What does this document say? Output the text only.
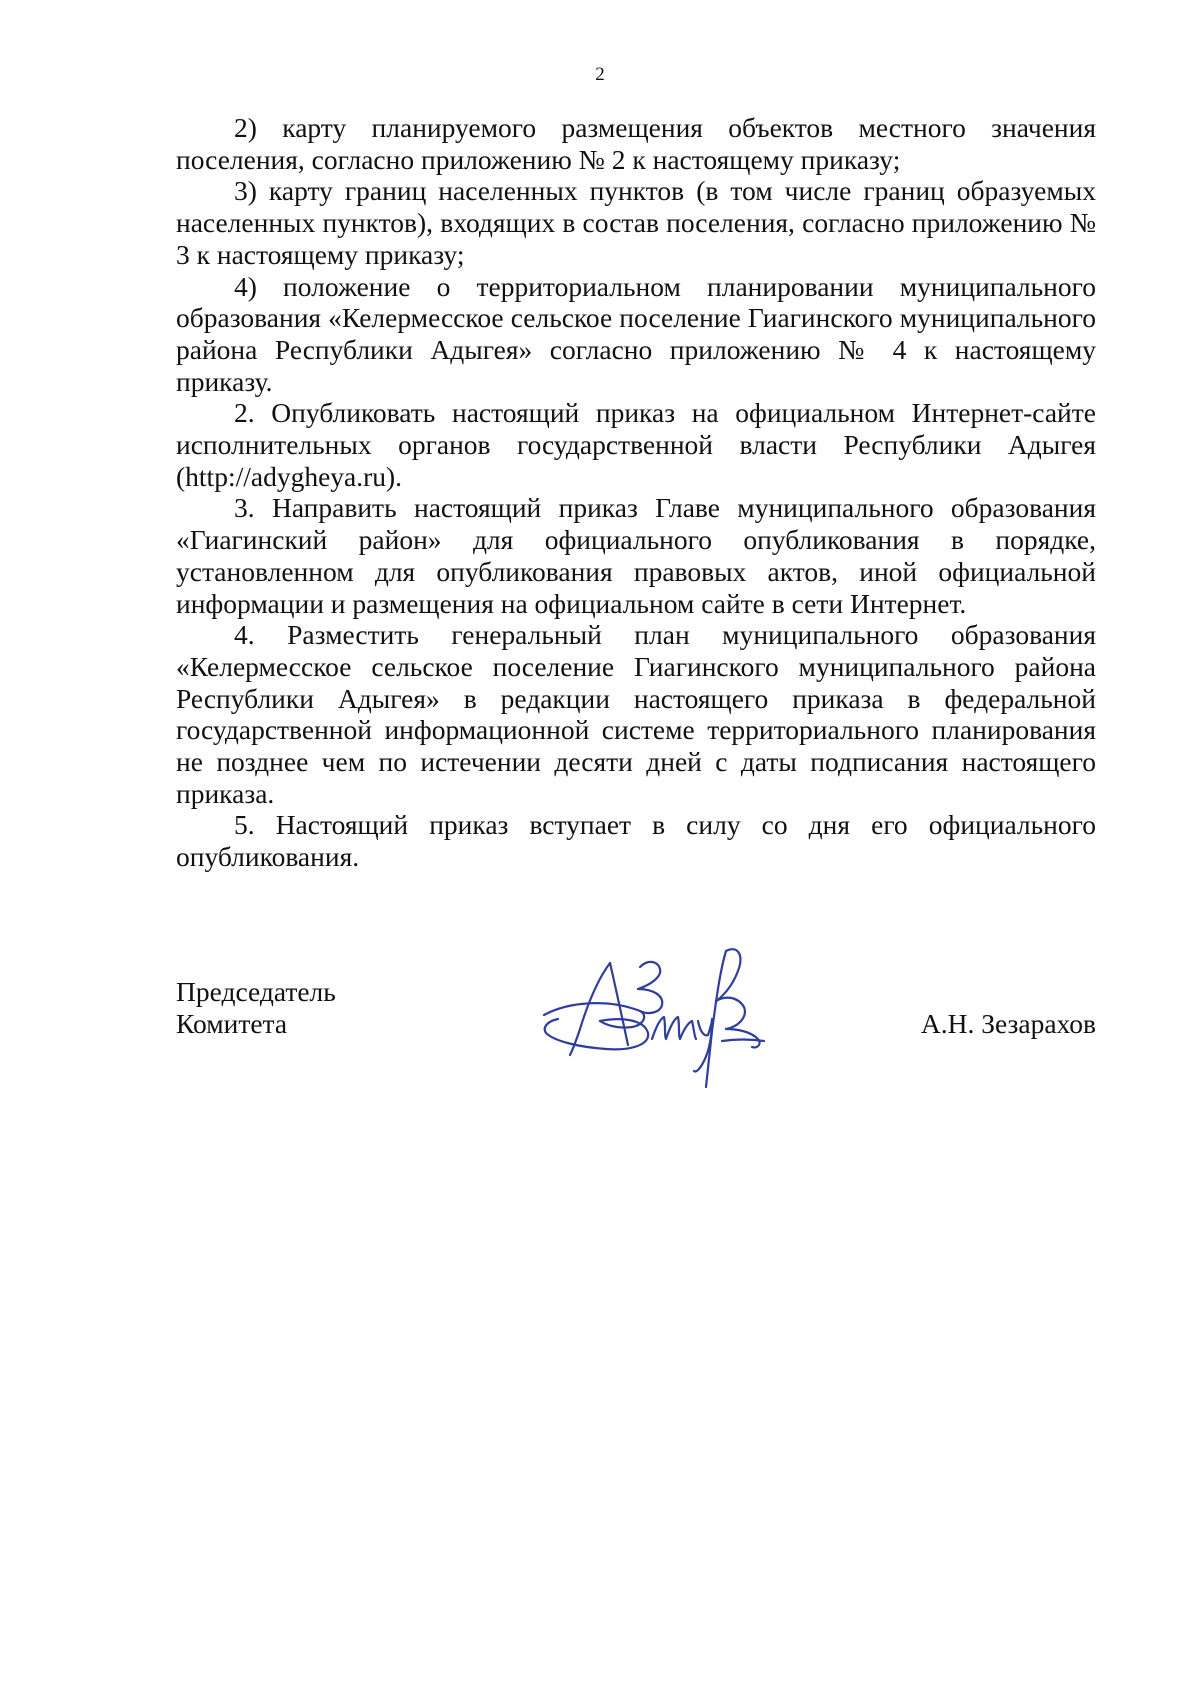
2

2) карту планируемого размещения объектов местного значения поселения, согласно приложению № 2 к настоящему приказу;

3) карту границ населенных пунктов (в том числе границ образуемых населенных пунктов), входящих в состав поселения, согласно приложению № 3 к настоящему приказу;

4) положение о территориальном планировании муниципального образования «Келермесское сельское поселение Гиагинского муниципального района Республики Адыгея» согласно приложению № 4 к настоящему приказу.

2. Опубликовать настоящий приказ на официальном Интернет-сайте исполнительных органов государственной власти Республики Адыгея (http://adygheya.ru).

3. Направить настоящий приказ Главе муниципального образования «Гиагинский район» для официального опубликования в порядке, установленном для опубликования правовых актов, иной официальной информации и размещения на официальном сайте в сети Интернет.

4. Разместить генеральный план муниципального образования «Келермесское сельское поселение Гиагинского муниципального района Республики Адыгея» в редакции настоящего приказа в федеральной государственной информационной системе территориального планирования не позднее чем по истечении десяти дней с даты подписания настоящего приказа.

5. Настоящий приказ вступает в силу со дня его официального опубликования.

Председатель
Комитета	А.Н. Зезарахов
